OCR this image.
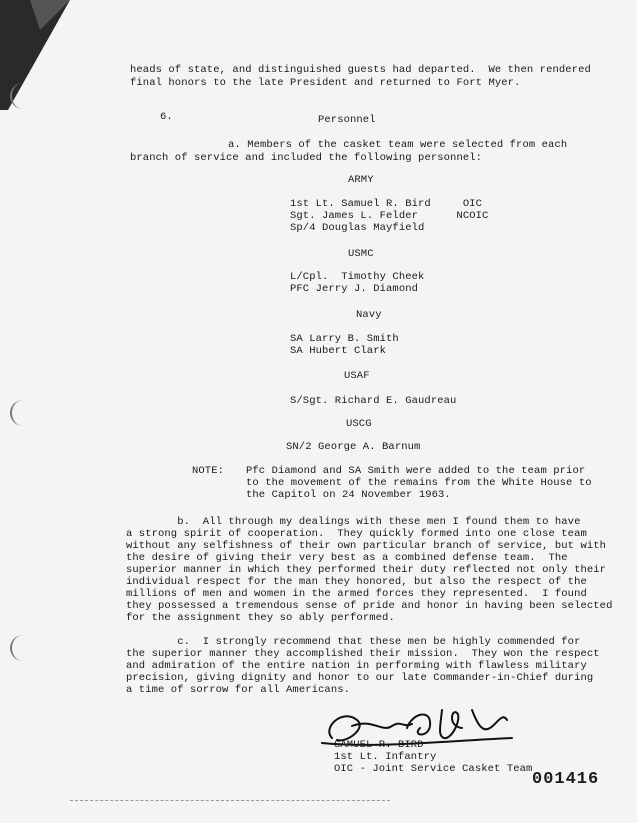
heads of state, and distinguished guests had departed.  We then rendered
final honors to the late President and returned to Fort Myer.
6.	Personnel
a. Members of the casket team were selected from each
branch of service and included the following personnel:
ARMY
1st Lt. Samuel R. Bird     OIC
Sgt. James L. Felder      NCOIC
Sp/4 Douglas Mayfield
USMC
L/Cpl.  Timothy Cheek
PFC Jerry J. Diamond
Navy
SA Larry B. Smith
SA Hubert Clark
USAF
S/Sgt. Richard E. Gaudreau
USCG
SN/2 George A. Barnum
NOTE: Pfc Diamond and SA Smith were added to the team prior
to the movement of the remains from the White House to
the Capitol on 24 November 1963.
b.  All through my dealings with these men I found them to have
a strong spirit of cooperation.  They quickly formed into one close team
without any selfishness of their own particular branch of service, but with
the desire of giving their very best as a combined defense team.  The
superior manner in which they performed their duty reflected not only their
individual respect for the man they honored, but also the respect of the
millions of men and women in the armed forces they represented.  I found
they possessed a tremendous sense of pride and honor in having been selected
for the assignment they so ably performed.
c.  I strongly recommend that these men be highly commended for
the superior manner they accomplished their mission.  They won the respect
and admiration of the entire nation in performing with flawless military
precision, giving dignity and honor to our late Commander-in-Chief during
a time of sorrow for all Americans.
SAMUEL R. BIRD
1st Lt. Infantry
OIC - Joint Service Casket Team
001416
